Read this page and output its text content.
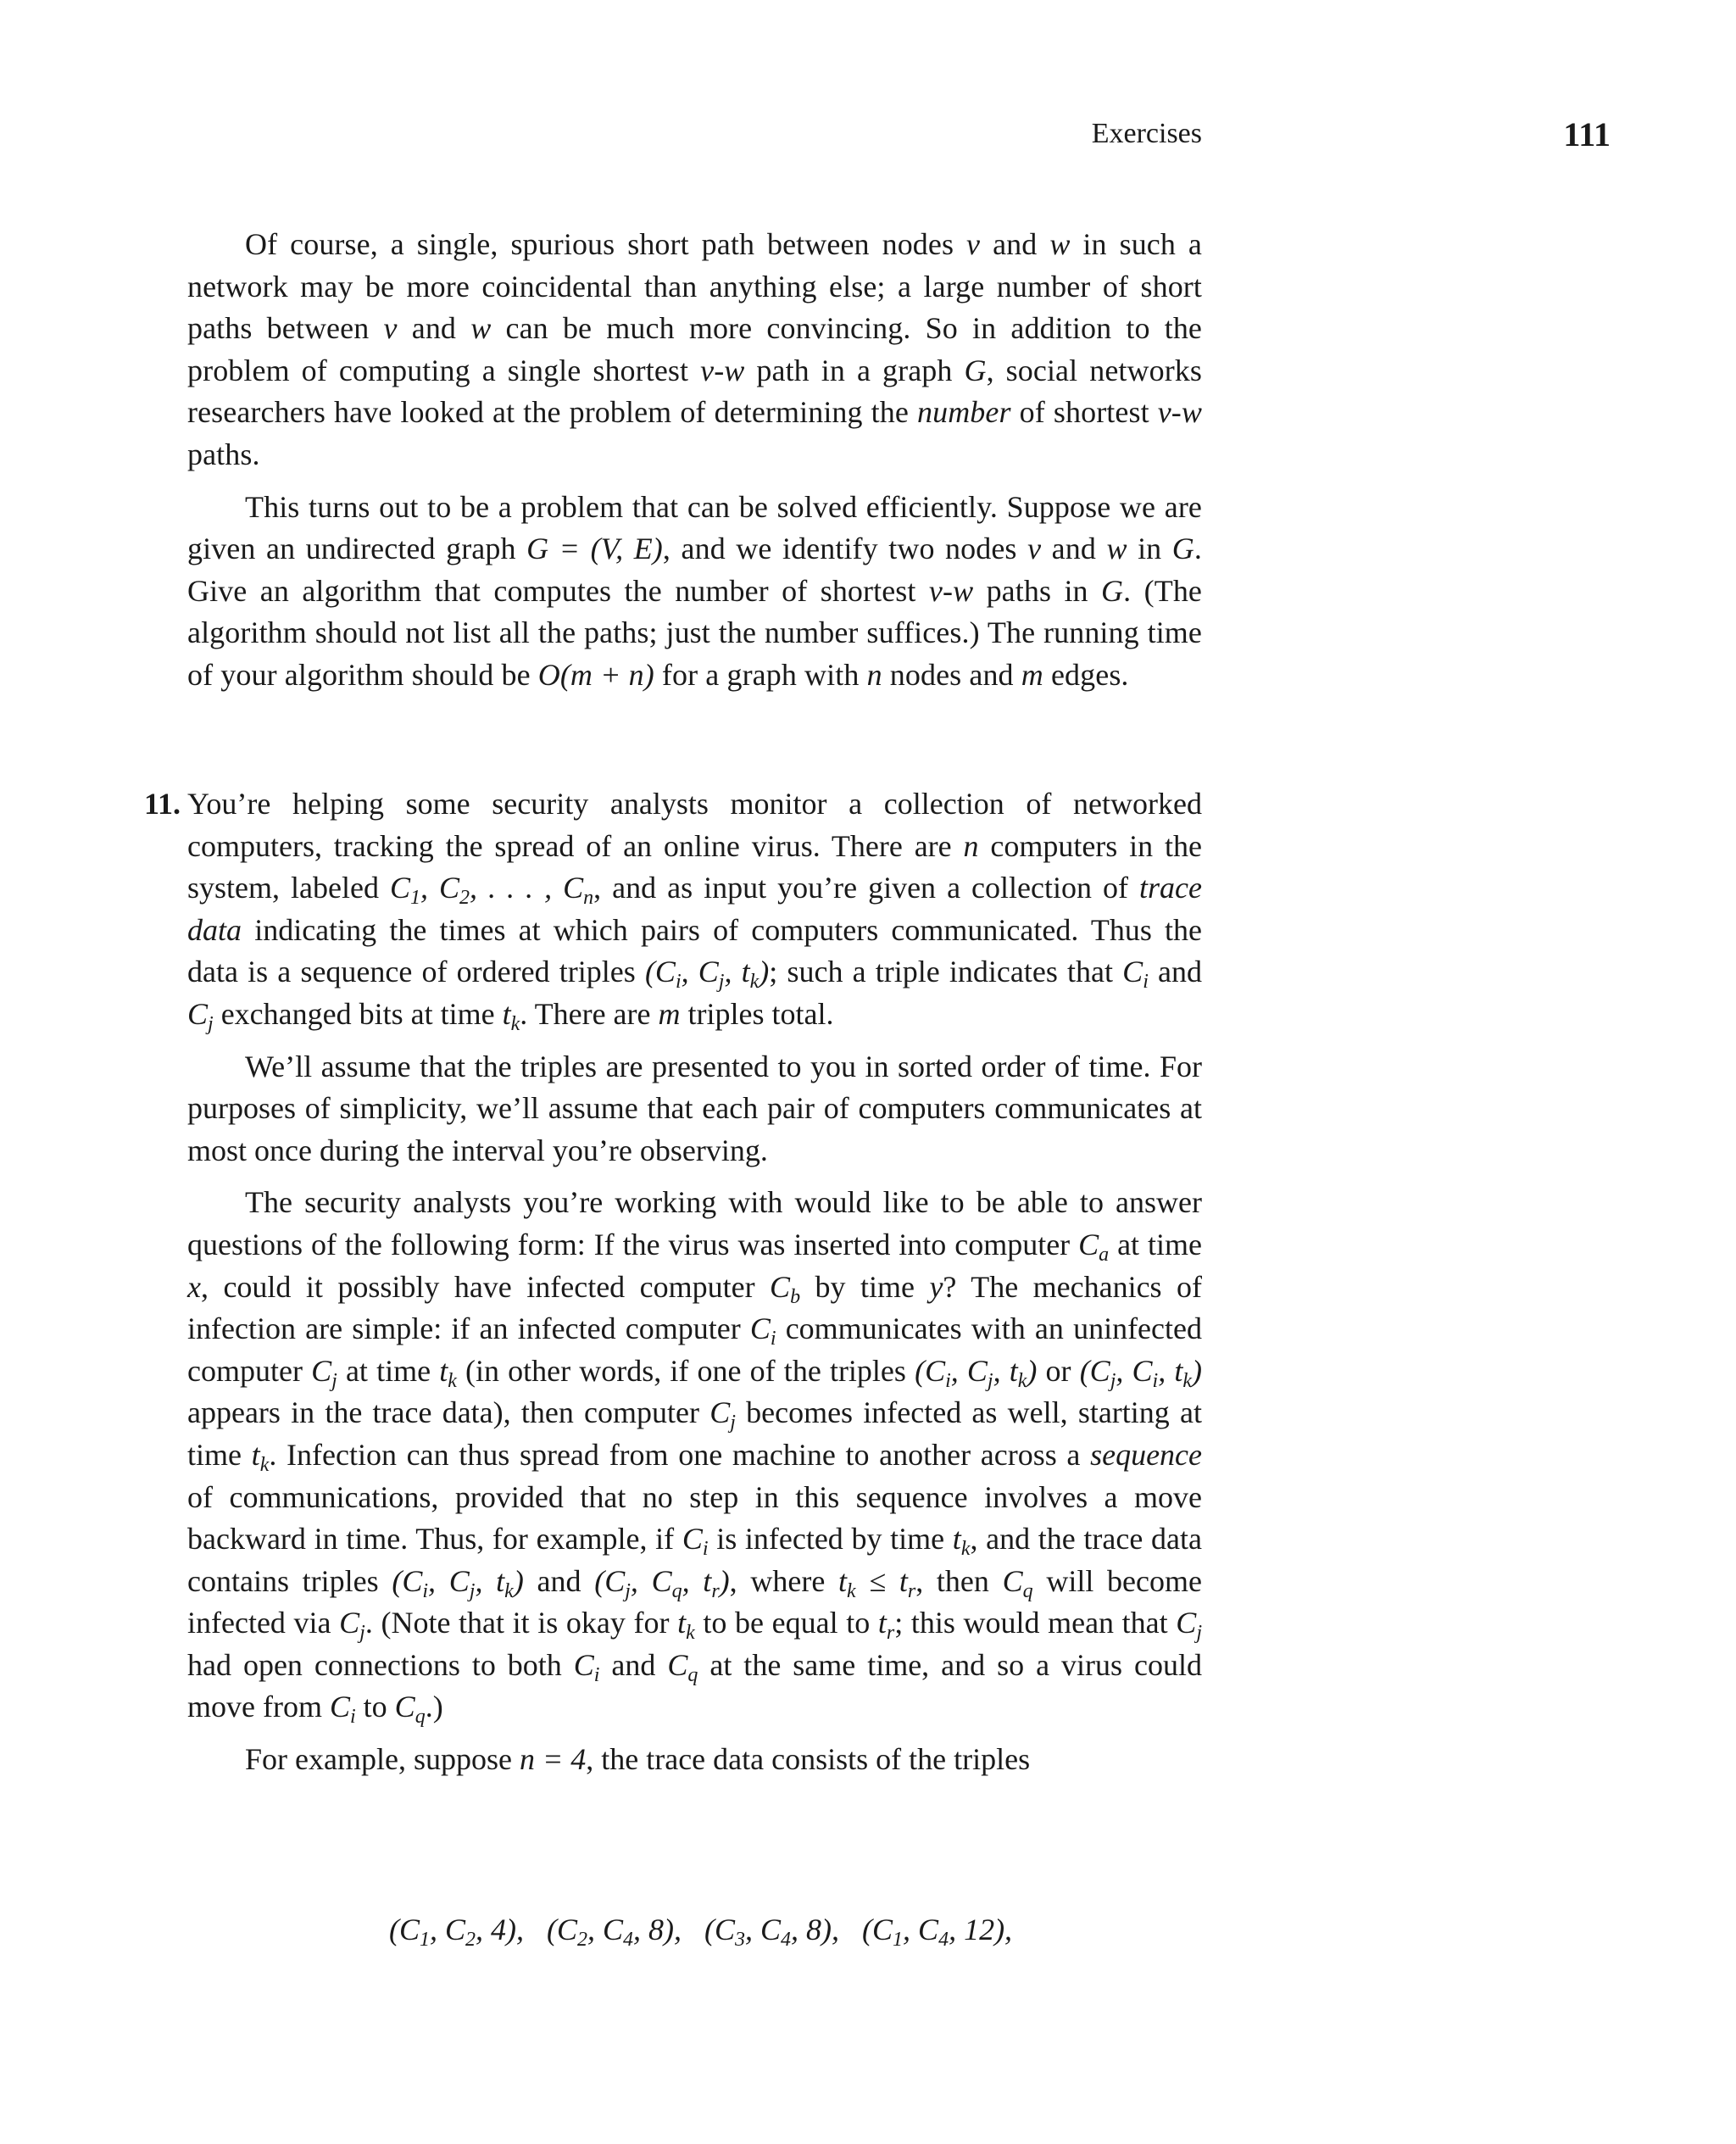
Exercises	111

Of course, a single, spurious short path between nodes v and w in such a network may be more coincidental than anything else; a large number of short paths between v and w can be much more convincing. So in addition to the problem of computing a single shortest v-w path in a graph G, social networks researchers have looked at the problem of determining the number of shortest v-w paths.

This turns out to be a problem that can be solved efficiently. Suppose we are given an undirected graph G = (V, E), and we identify two nodes v and w in G. Give an algorithm that computes the number of shortest v-w paths in G. (The algorithm should not list all the paths; just the number suffices.) The running time of your algorithm should be O(m + n) for a graph with n nodes and m edges.

11. You’re helping some security analysts monitor a collection of networked computers, tracking the spread of an online virus. There are n computers in the system, labeled $C_1$, $C_2$, . . . , $C_n$, and as input you’re given a collection of trace data indicating the times at which pairs of computers communicated. Thus the data is a sequence of ordered triples ($C_i$, $C_j$, $t_k$); such a triple indicates that $C_i$ and $C_j$ exchanged bits at time $t_k$. There are m triples total.

We’ll assume that the triples are presented to you in sorted order of time. For purposes of simplicity, we’ll assume that each pair of computers communicates at most once during the interval you’re observing.

The security analysts you’re working with would like to be able to answer questions of the following form: If the virus was inserted into computer $C_a$ at time x, could it possibly have infected computer $C_b$ by time y? The mechanics of infection are simple: if an infected computer $C_i$ communicates with an uninfected computer $C_j$ at time $t_k$ (in other words, if one of the triples ($C_i$, $C_j$, $t_k$) or ($C_j$, $C_i$, $t_k$) appears in the trace data), then computer $C_j$ becomes infected as well, starting at time $t_k$. Infection can thus spread from one machine to another across a sequence of communications, provided that no step in this sequence involves a move backward in time. Thus, for example, if $C_i$ is infected by time $t_k$, and the trace data contains triples ($C_i$, $C_j$, $t_k$) and ($C_j$, $C_q$, $t_r$), where $t_k \le t_r$, then $C_q$ will become infected via $C_j$. (Note that it is okay for $t_k$ to be equal to $t_r$; this would mean that $C_j$ had open connections to both $C_i$ and $C_q$ at the same time, and so a virus could move from $C_i$ to $C_q$.)

For example, suppose n = 4, the trace data consists of the triples

($C_1$, $C_2$, 4),   ($C_2$, $C_4$, 8),   ($C_3$, $C_4$, 8),   ($C_1$, $C_4$, 12),
